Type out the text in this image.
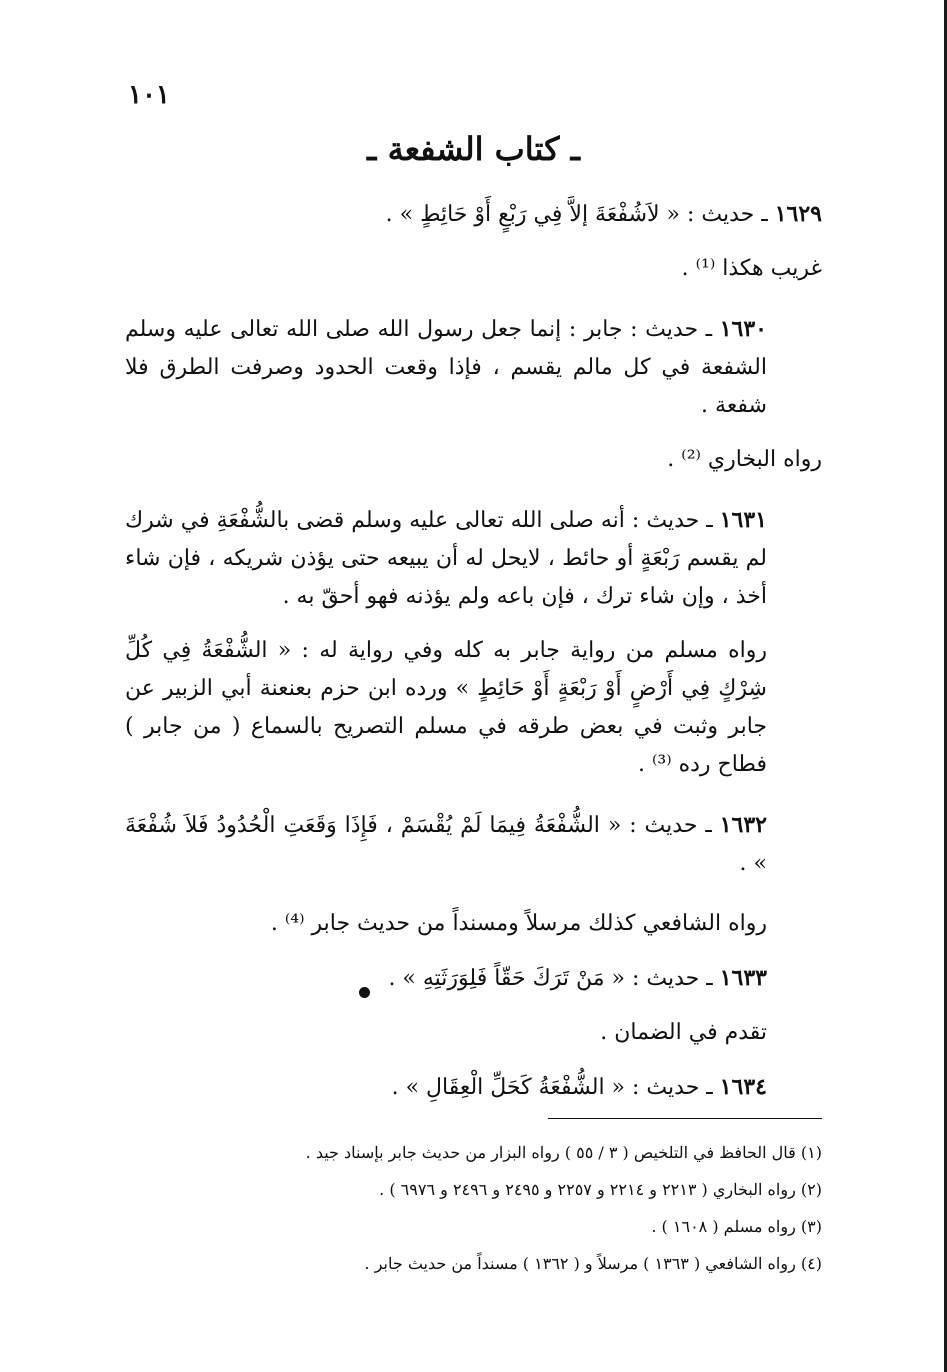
١٠١
ـ كتاب الشفعة ـ

١٦٢٩ ـ حديث : « لاَشُفْعَةَ إلاَّ فِي رَبْعٍ أَوْ حَائِطٍ » .

غريب هكذا ⁽¹⁾ .

١٦٣٠ ـ حديث : جابر : إنما جعل رسول الله صلى الله تعالى عليه وسلم الشفعة في كل مالم يقسم ، فإذا وقعت الحدود وصرفت الطرق فلا شفعة .

رواه البخاري ⁽²⁾ .

١٦٣١ ـ حديث : أنه صلى الله تعالى عليه وسلم قضى بالشُّفْعَةِ في شرك لم يقسم رَبْعَةٍ أو حائط ، لايحل له أن يبيعه حتى يؤذن شريكه ، فإن شاء أخذ ، وإن شاء ترك ، فإن باعه ولم يؤذنه فهو أحقّ به .

رواه مسلم من رواية جابر به كله وفي رواية له : « الشُّفْعَةُ فِي كُلِّ شِرْكٍ فِي أَرْضٍ أَوْ رَبْعَةٍ أَوْ حَائِطٍ » ورده ابن حزم بعنعنة أبي الزبير عن جابر وثبت في بعض طرقه في مسلم التصريح بالسماع ( من جابر ) فطاح رده ⁽³⁾ .

١٦٣٢ ـ حديث : « الشُّفْعَةُ فِيمَا لَمْ يُقْسَمْ ، فَإِذَا وَقَعَتِ الْحُدُودُ فَلاَ شُفْعَةَ » .

رواه الشافعي كذلك مرسلاً ومسنداً من حديث جابر ⁽⁴⁾ .

١٦٣٣ ـ حديث : « مَنْ تَرَكَ حَقّاً فَلِوَرَثَتِهِ » .

تقدم في الضمان .

١٦٣٤ ـ حديث : « الشُّفْعَةُ كَحَلِّ الْعِقَالِ » .

(١) قال الحافظ في التلخيص ( ٣ / ٥٥ ) رواه البزار من حديث جابر بإسناد جيد .

(٢) رواه البخاري ( ٢٢١٣ و ٢٢١٤ و ٢٢٥٧ و ٢٤٩٥ و ٢٤٩٦ و ٦٩٧٦ ) .

(٣) رواه مسلم ( ١٦٠٨ ) .

(٤) رواه الشافعي ( ١٣٦٣ ) مرسلاً و ( ١٣٦٢ ) مسنداً من حديث جابر .
